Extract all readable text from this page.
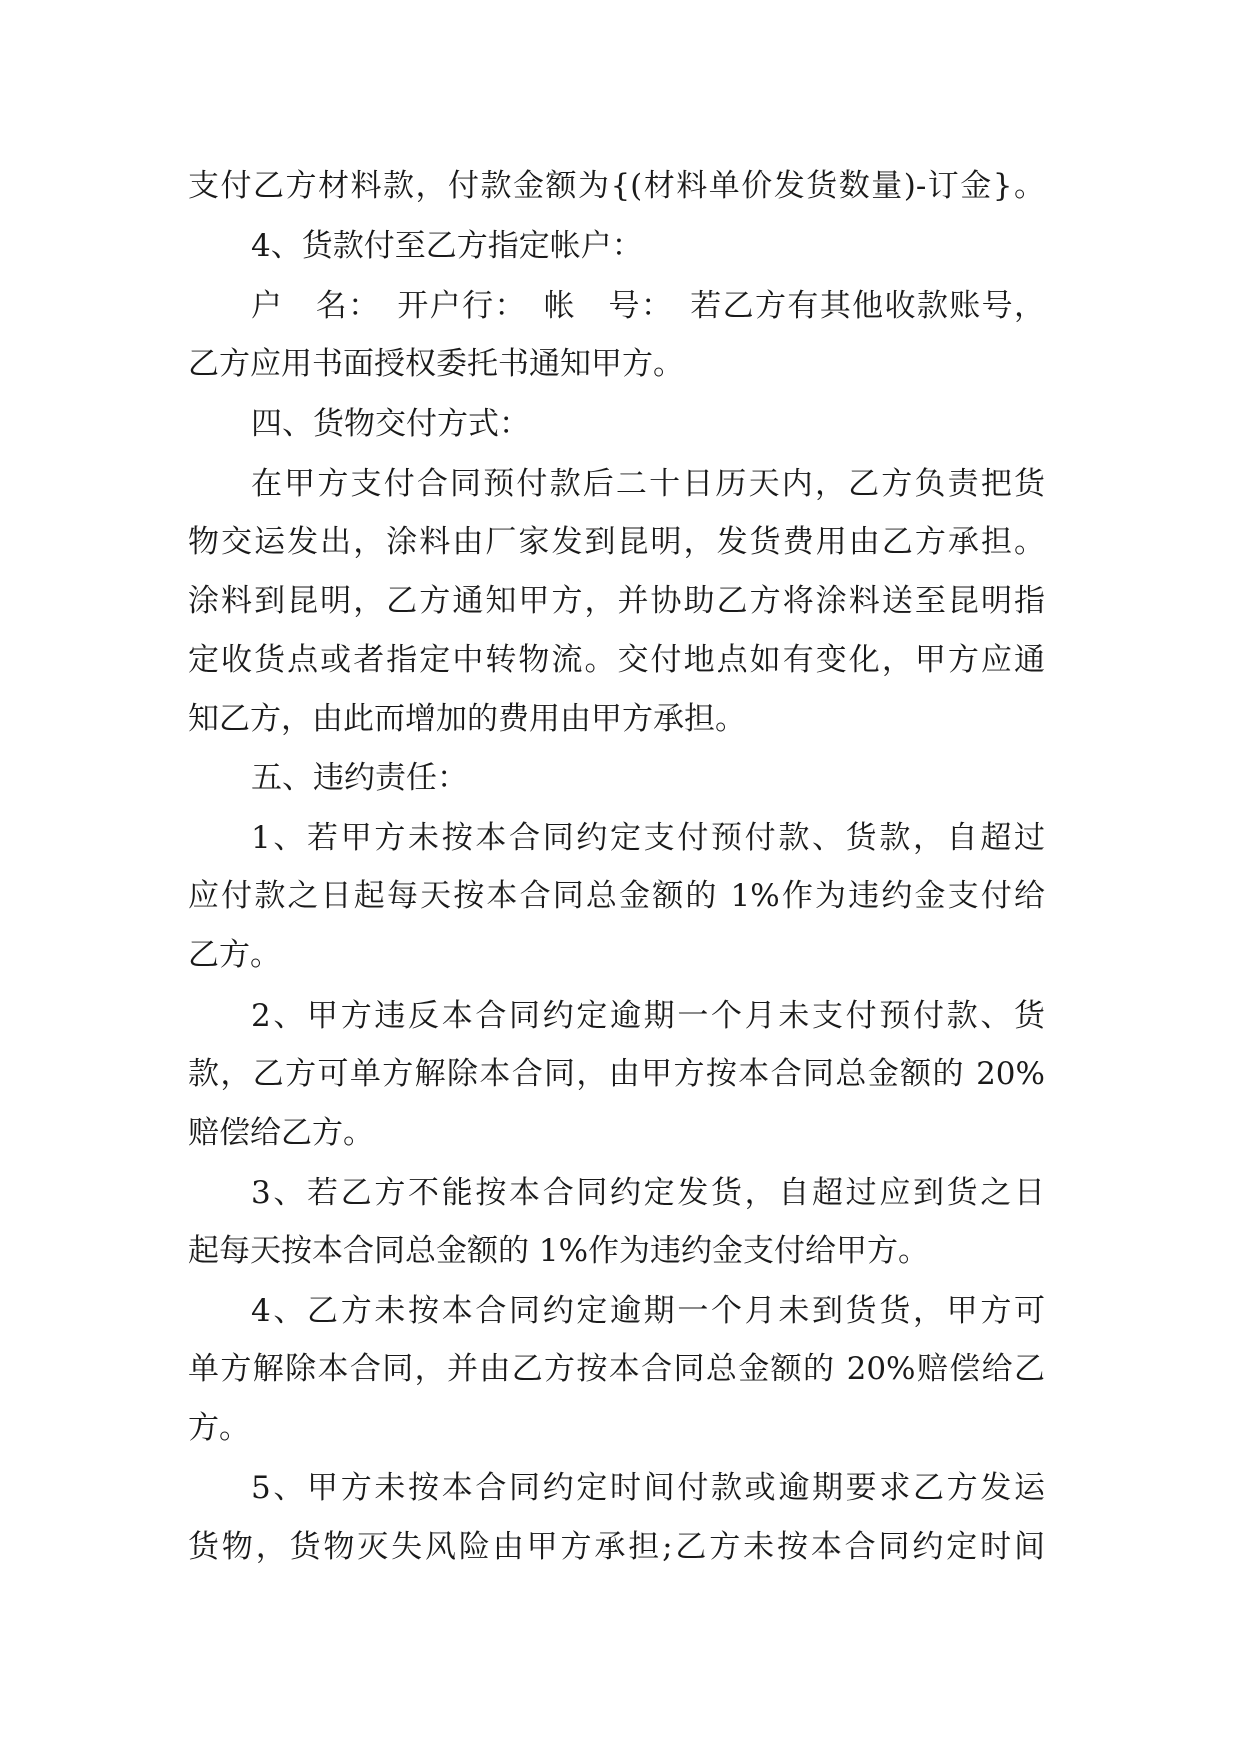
支付乙方材料款，付款金额为{(材料单价发货数量)-订金}。
4、货款付至乙方指定帐户：
户　名：　开户行：　帐　号：　若乙方有其他收款账号，
乙方应用书面授权委托书通知甲方。
四、货物交付方式：
在甲方支付合同预付款后二十日历天内，乙方负责把货
物交运发出，涂料由厂家发到昆明，发货费用由乙方承担。
涂料到昆明，乙方通知甲方，并协助乙方将涂料送至昆明指
定收货点或者指定中转物流。交付地点如有变化，甲方应通
知乙方，由此而增加的费用由甲方承担。
五、违约责任：
1、若甲方未按本合同约定支付预付款、货款，自超过
应付款之日起每天按本合同总金额的 1%作为违约金支付给
乙方。
2、甲方违反本合同约定逾期一个月未支付预付款、货
款，乙方可单方解除本合同，由甲方按本合同总金额的 20%
赔偿给乙方。
3、若乙方不能按本合同约定发货，自超过应到货之日
起每天按本合同总金额的 1%作为违约金支付给甲方。
4、乙方未按本合同约定逾期一个月未到货货，甲方可
单方解除本合同，并由乙方按本合同总金额的 20%赔偿给乙
方。
5、甲方未按本合同约定时间付款或逾期要求乙方发运
货物，货物灭失风险由甲方承担;乙方未按本合同约定时间
